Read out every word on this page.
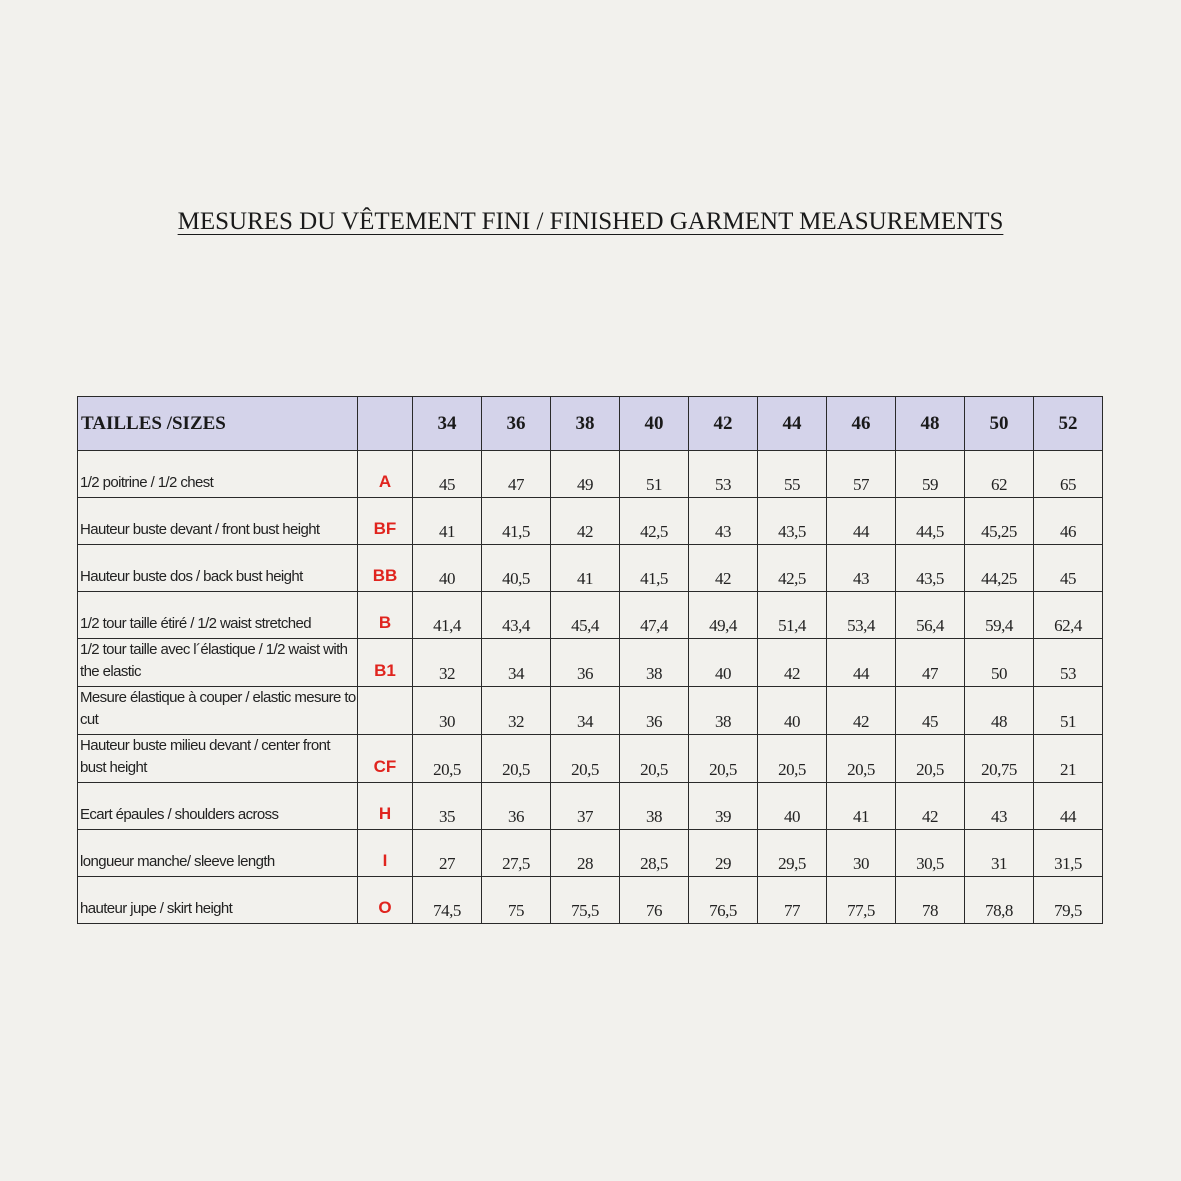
MESURES DU VÊTEMENT FINI / FINISHED GARMENT MEASUREMENTS
TAILLES /SIZES		34	36	38	40	42	44	46	48	50	52
1/2 poitrine / 1/2 chest	A	45	47	49	51	53	55	57	59	62	65
Hauteur buste devant / front bust height	BF	41	41,5	42	42,5	43	43,5	44	44,5	45,25	46
Hauteur buste dos / back bust height	BB	40	40,5	41	41,5	42	42,5	43	43,5	44,25	45
1/2 tour taille étiré / 1/2 waist stretched	B	41,4	43,4	45,4	47,4	49,4	51,4	53,4	56,4	59,4	62,4
1/2 tour taille avec l´élastique / 1/2 waist with the elastic	B1	32	34	36	38	40	42	44	47	50	53
Mesure élastique à couper / elastic mesure to cut		30	32	34	36	38	40	42	45	48	51
Hauteur buste milieu devant / center front bust height	CF	20,5	20,5	20,5	20,5	20,5	20,5	20,5	20,5	20,75	21
Ecart épaules / shoulders across	H	35	36	37	38	39	40	41	42	43	44
longueur manche/ sleeve length	I	27	27,5	28	28,5	29	29,5	30	30,5	31	31,5
hauteur jupe / skirt height	O	74,5	75	75,5	76	76,5	77	77,5	78	78,8	79,5
